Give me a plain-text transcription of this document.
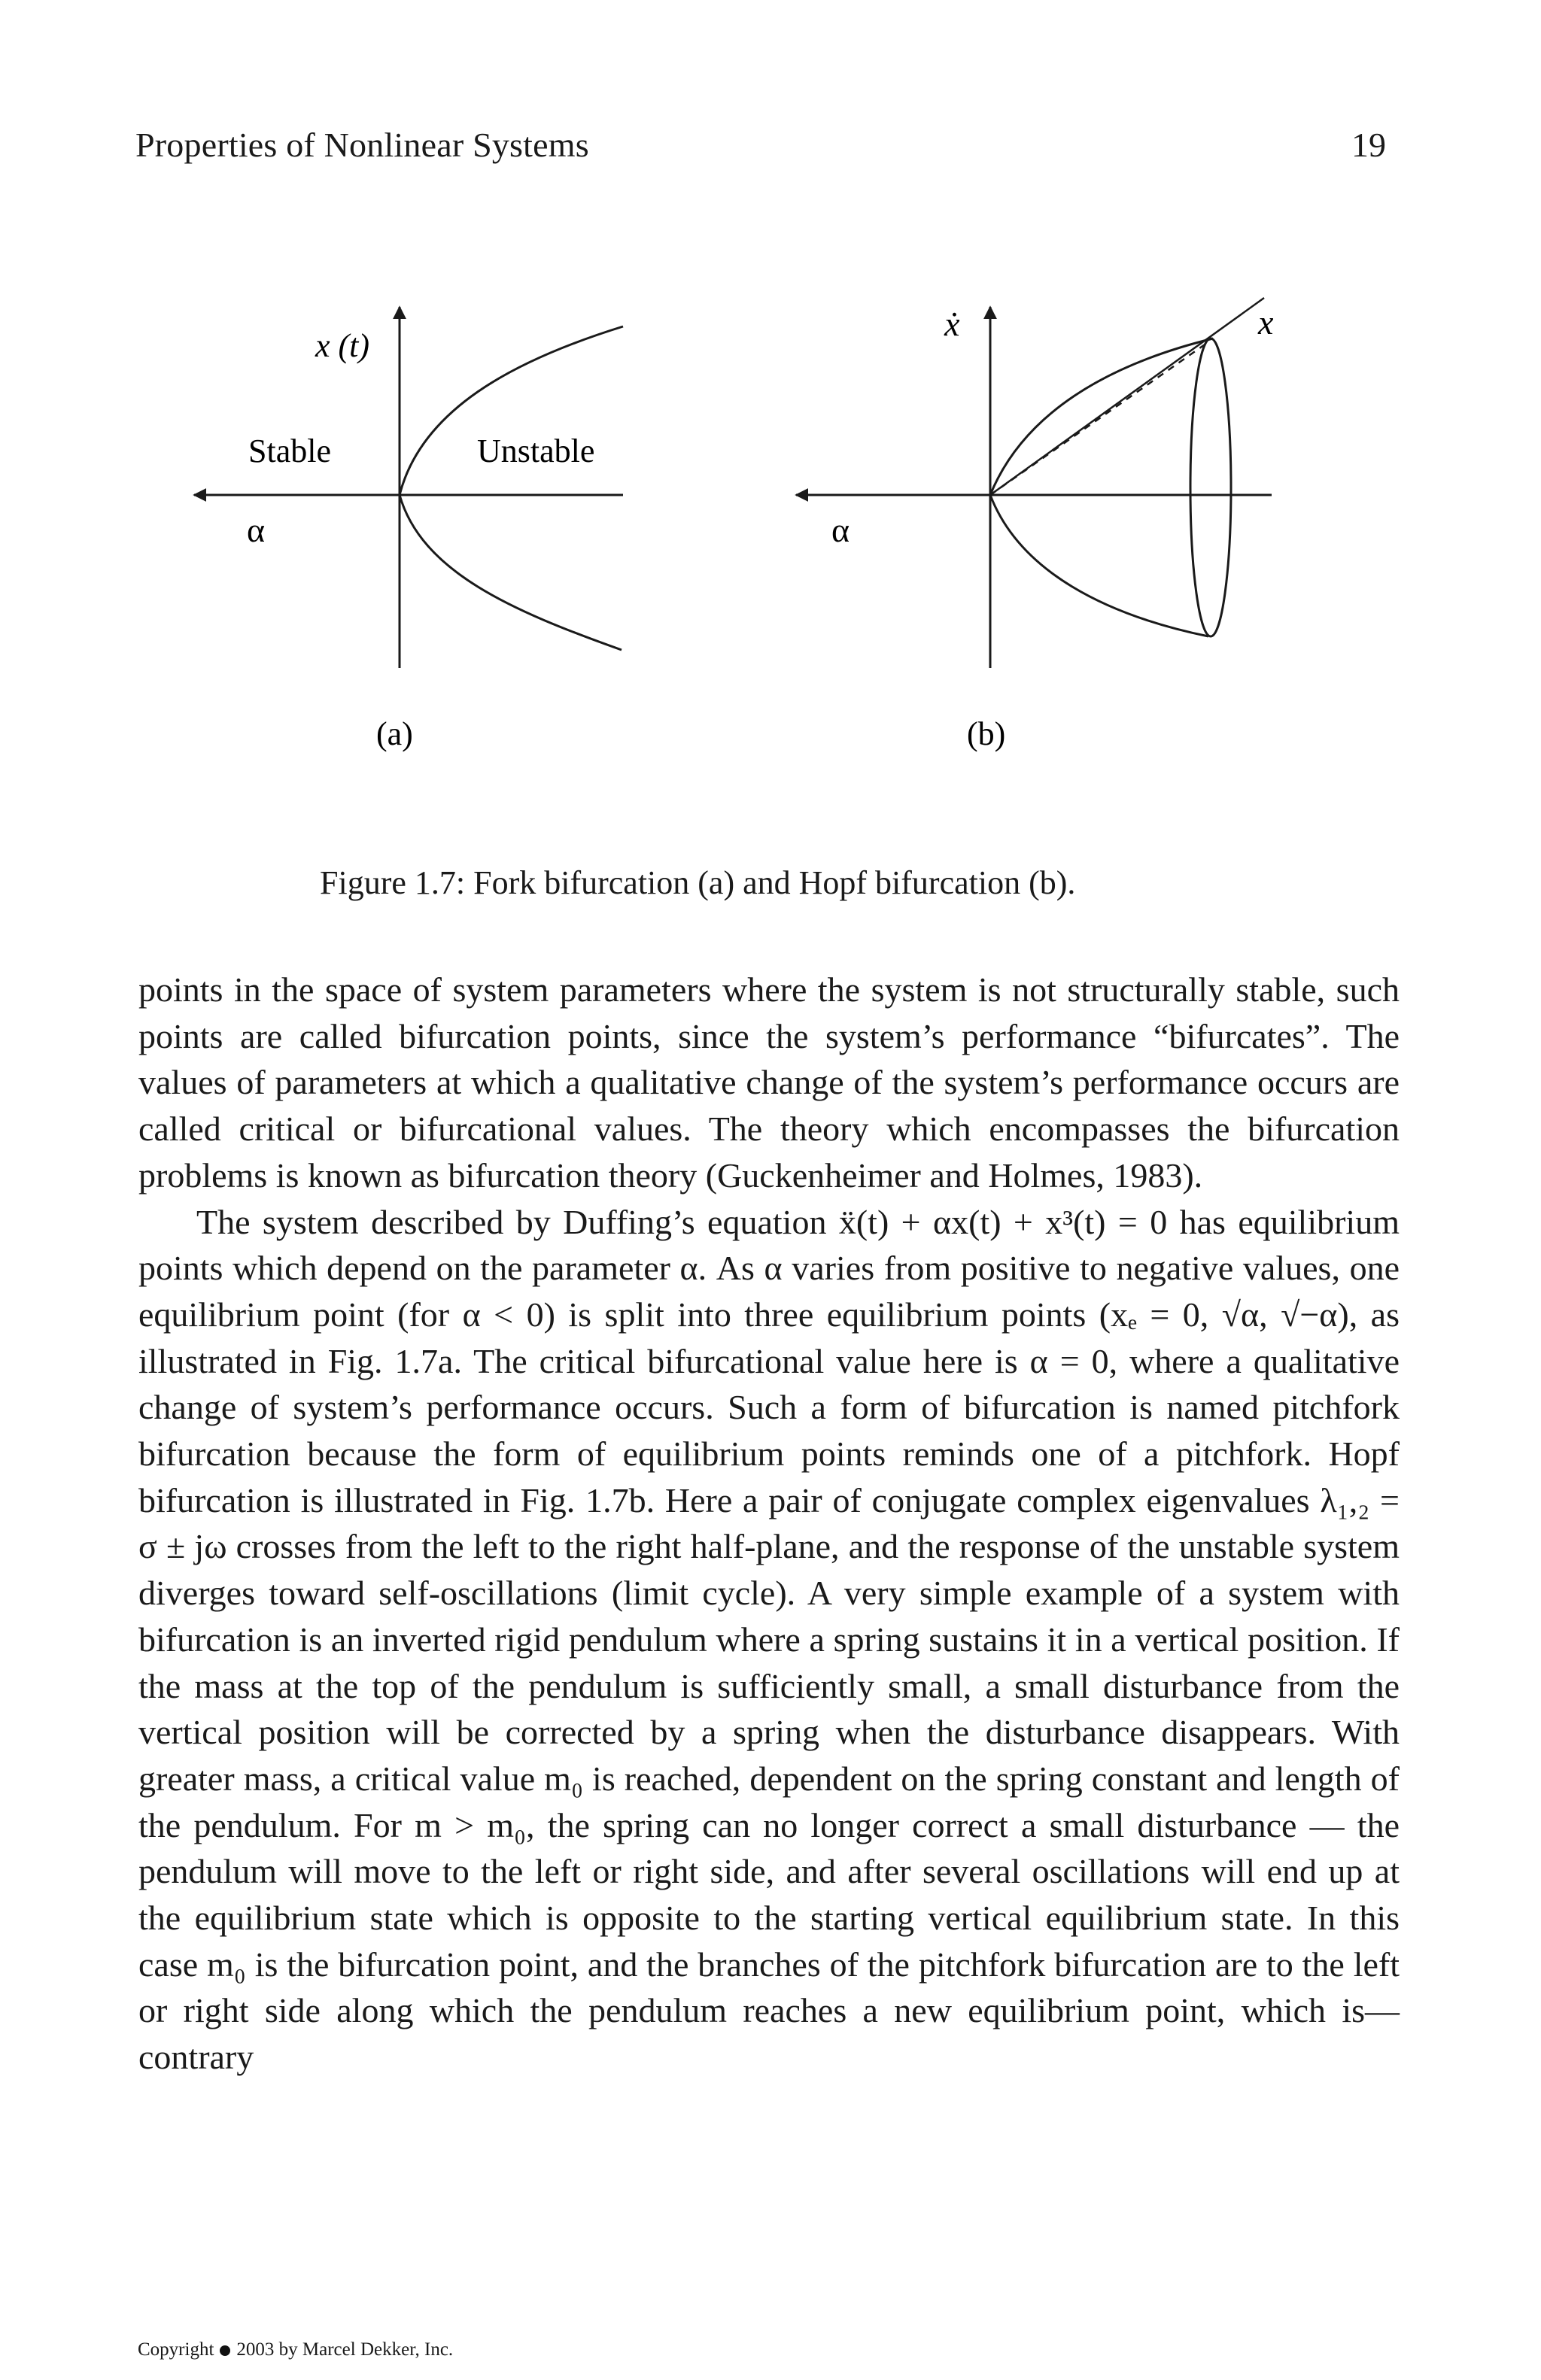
Properties of Nonlinear Systems	19
x (t)
Stable	Unstable
α
(a)
ẋ	x
α
(b)
Figure 1.7: Fork bifurcation (a) and Hopf bifurcation (b).

points in the space of system parameters where the system is not structurally stable, such points are called bifurcation points, since the system’s performance “bifurcates”. The values of parameters at which a qualitative change of the system’s performance occurs are called critical or bifurcational values. The theory which encompasses the bifurcation problems is known as bifurcation theory (Guckenheimer and Holmes, 1983).

The system described by Duffing’s equation ẍ(t) + αx(t) + x³(t) = 0 has equilibrium points which depend on the parameter α. As α varies from positive to negative values, one equilibrium point (for α < 0) is split into three equilibrium points (xₑ = 0, √α, √−α), as illustrated in Fig. 1.7a. The critical bifurcational value here is α = 0, where a qualitative change of system’s performance occurs. Such a form of bifurcation is named pitchfork bifurcation because the form of equilibrium points reminds one of a pitchfork. Hopf bifurcation is illustrated in Fig. 1.7b. Here a pair of conjugate complex eigenvalues λ₁,₂ = σ ± jω crosses from the left to the right half-plane, and the response of the unstable system diverges toward self-oscillations (limit cycle). A very simple example of a system with bifurcation is an inverted rigid pendulum where a spring sustains it in a vertical position. If the mass at the top of the pendulum is sufficiently small, a small disturbance from the vertical position will be corrected by a spring when the disturbance disappears. With greater mass, a critical value m₀ is reached, dependent on the spring constant and length of the pendulum. For m > m₀, the spring can no longer correct a small disturbance — the pendulum will move to the left or right side, and after several oscillations will end up at the equilibrium state which is opposite to the starting vertical equilibrium state. In this case m₀ is the bifurcation point, and the branches of the pitchfork bifurcation are to the left or right side along which the pendulum reaches a new equilibrium point, which is—contrary

Copyright 2003 by Marcel Dekker, Inc.
